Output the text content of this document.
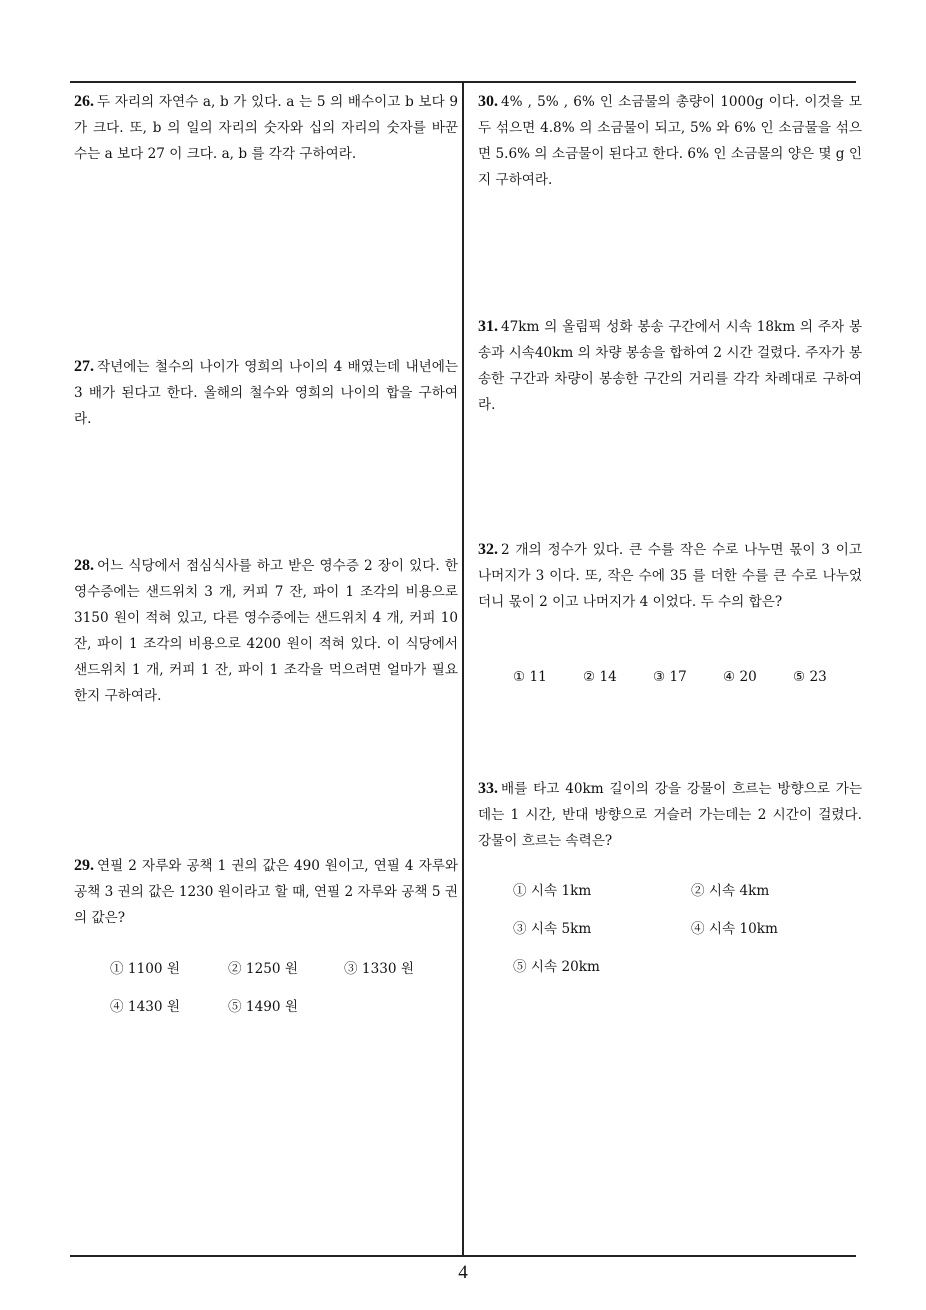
26. 두 자리의 자연수 a, b 가 있다. a 는 5 의 배수이고 b 보다 9 가 크다. 또, b 의 일의 자리의 숫자와 십의 자리의 숫자를 바꾼 수는 a 보다 27 이 크다. a, b 를 각각 구하여라.

27. 작년에는 철수의 나이가 영희의 나이의 4 배였는데 내년에는 3 배가 된다고 한다. 올해의 철수와 영희의 나이의 합을 구하여라.

28. 어느 식당에서 점심식사를 하고 받은 영수증 2 장이 있다. 한 영수증에는 샌드위치 3 개, 커피 7 잔, 파이 1 조각의 비용으로 3150 원이 적혀 있고, 다른 영수증에는 샌드위치 4 개, 커피 10 잔, 파이 1 조각의 비용으로 4200 원이 적혀 있다. 이 식당에서 샌드위치 1 개, 커피 1 잔, 파이 1 조각을 먹으려면 얼마가 필요한지 구하여라.

29. 연필 2 자루와 공책 1 권의 값은 490 원이고, 연필 4 자루와 공책 3 권의 값은 1230 원이라고 할 때, 연필 2 자루와 공책 5 권의 값은?

① 1100 원	② 1250 원	③ 1330 원
④ 1430 원	⑤ 1490 원

30. 4% , 5% , 6% 인 소금물의 총량이 1000g 이다. 이것을 모두 섞으면 4.8% 의 소금물이 되고, 5% 와 6% 인 소금물을 섞으면 5.6% 의 소금물이 된다고 한다. 6% 인 소금물의 양은 몇 g 인지 구하여라.

31. 47km 의 올림픽 성화 봉송 구간에서 시속 18km 의 주자 봉송과 시속40km 의 차량 봉송을 합하여 2 시간 걸렸다. 주자가 봉송한 구간과 차량이 봉송한 구간의 거리를 각각 차례대로 구하여라.

32. 2 개의 정수가 있다. 큰 수를 작은 수로 나누면 몫이 3 이고 나머지가 3 이다. 또, 작은 수에 35 를 더한 수를 큰 수로 나누었더니 몫이 2 이고 나머지가 4 이었다. 두 수의 합은?

① 11	② 14	③ 17	④ 20	⑤ 23

33. 배를 타고 40km 길이의 강을 강물이 흐르는 방향으로 가는데는 1 시간, 반대 방향으로 거슬러 가는데는 2 시간이 걸렸다. 강물이 흐르는 속력은?

① 시속 1km	② 시속 4km
③ 시속 5km	④ 시속 10km
⑤ 시속 20km
4
